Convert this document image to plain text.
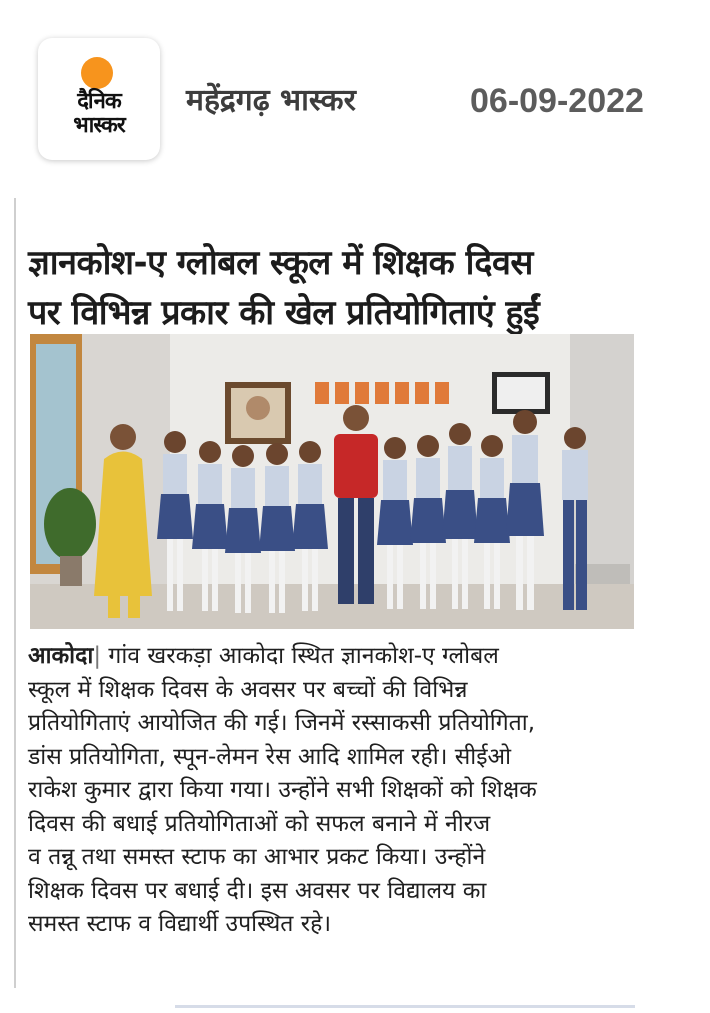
दैनिक
भास्कर
महेंद्रगढ़ भास्कर	06-09-2022
ज्ञानकोश-ए ग्लोबल स्कूल में शिक्षक दिवस
पर विभिन्न प्रकार की खेल प्रतियोगिताएं हुईं
आकोदा| गांव खरकड़ा आकोदा स्थित ज्ञानकोश-ए ग्लोबल
स्कूल में शिक्षक दिवस के अवसर पर बच्चों की विभिन्न
प्रतियोगिताएं आयोजित की गई। जिनमें रस्साकसी प्रतियोगिता,
डांस प्रतियोगिता, स्पून-लेमन रेस आदि शामिल रही। सीईओ
राकेश कुमार द्वारा किया गया। उन्होंने सभी शिक्षकों को शिक्षक
दिवस की बधाई प्रतियोगिताओं को सफल बनाने में नीरज
व तन्नू तथा समस्त स्टाफ का आभार प्रकट किया। उन्होंने
शिक्षक दिवस पर बधाई दी। इस अवसर पर विद्यालय का
समस्त स्टाफ व विद्यार्थी उपस्थित रहे।
